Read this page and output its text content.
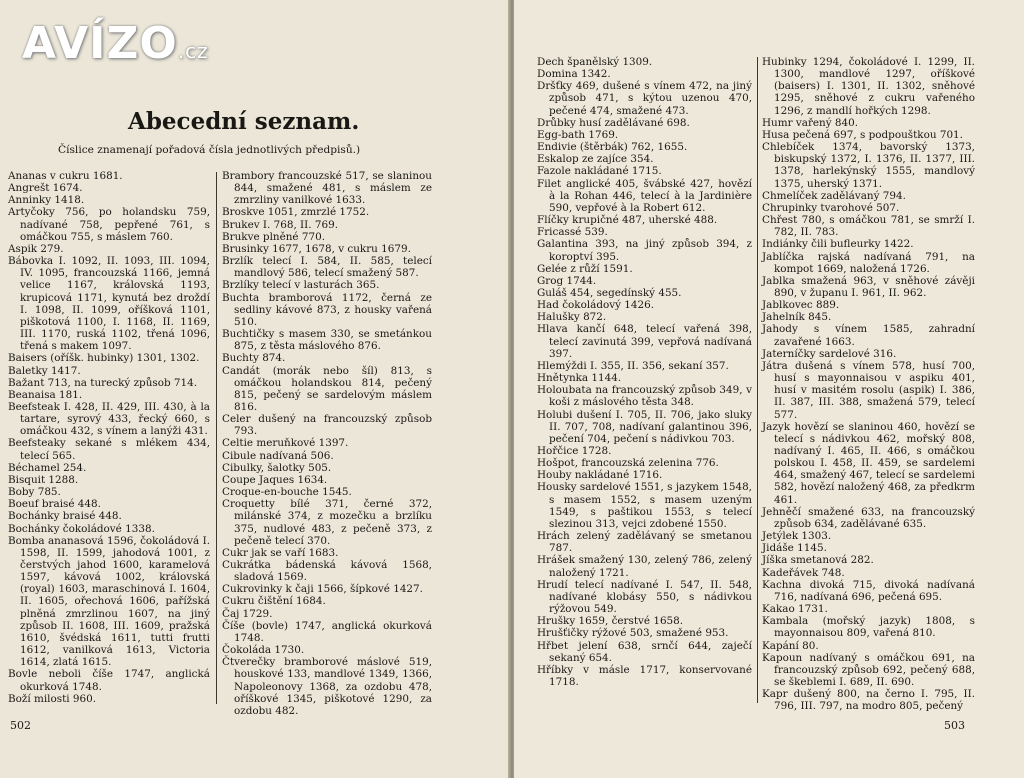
AVÍZO.cz
Abecední seznam.
Číslice znamenají pořadová čísla jednotlivých předpisů.)

Ananas v cukru 1681.

Angrešt 1674.

Anninky 1418.

Artyčoky 756, po holandsku 759, nadívané 758, pepřené 761, s omáčkou 755, s máslem 760.

Aspik 279.

Bábovka I. 1092, II. 1093, III. 1094, IV. 1095, francouzská 1166, jemná velice 1167, královská 1193, krupicová 1171, kynutá bez droždí I. 1098, II. 1099, oříšková 1101, piškotová 1100, I. 1168, II. 1169, III. 1170, ruská 1102, třená 1096, třená s makem 1097.

Baisers (oříšk. hubinky) 1301, 1302.

Baletky 1417.

Bažant 713, na turecký způsob 714.

Beanaisa 181.

Beefsteak I. 428, II. 429, III. 430, à la tartare, syrový 433, řecký 660, s omáčkou 432, s vínem a lanýži 431.

Beefsteaky sekané s mlékem 434, telecí 565.

Béchamel 254.

Bisquit 1288.

Boby 785.

Boeuf braisé 448.

Bochánky braisé 448.

Bochánky čokoládové 1338.

Bomba ananasová 1596, čokoládová I. 1598, II. 1599, jahodová 1001, z čerstvých jahod 1600, karamelová 1597, kávová 1002, královská (royal) 1603, maraschinová I. 1604, II. 1605, ořechová 1606, pařížská plněná zmrzlinou 1607, na jiný způsob II. 1608, III. 1609, pražská 1610, švédská 1611, tutti frutti 1612, vanilková 1613, Victoria 1614, zlatá 1615.

Bovle neboli číše 1747, anglická okurková 1748.

Boží milosti 960.

Brambory francouzské 517, se slaninou 844, smažené 481, s máslem ze zmrzliny vanilkové 1633.

Broskve 1051, zmrzlé 1752.

Brukev I. 768, II. 769.

Brukve plněné 770.

Brusinky 1677, 1678, v cukru 1679.

Brzlík telecí I. 584, II. 585, telecí mandlový 586, telecí smažený 587.

Brzlíky telecí v lasturách 365.

Buchta bramborová 1172, černá ze sedliny kávové 873, z housky vařená 510.

Buchtičky s masem 330, se smetánkou 875, z těsta máslového 876.

Buchty 874.

Candát (morák nebo šíl) 813, s omáčkou holandskou 814, pečený 815, pečený se sardelovým máslem 816.

Celer dušený na francouzský způsob 793.

Celtie meruňkové 1397.

Cibule nadívaná 506.

Cibulky, šalotky 505.

Coupe Jaques 1634.

Croque-en-bouche 1545.

Croquetty bílé 371, černé 372, milánské 374, z mozečku a brzlíku 375, nudlové 483, z pečeně 373, z pečeně telecí 370.

Cukr jak se vaří 1683.

Cukrátka bádenská kávová 1568, sladová 1569.

Cukrovinky k čaji 1566, šípkové 1427.

Cukru čištění 1684.

Čaj 1729.

Číše (bovle) 1747, anglická okurková 1748.

Čokoláda 1730.

Čtverečky bramborové máslové 519, houskové 133, mandlové 1349, 1366, Napoleonovy 1368, za ozdobu 478, oříškové 1345, piškotové 1290, za ozdobu 482.

502

Dech španělský 1309.

Domina 1342.

Dršťky 469, dušené s vínem 472, na jiný způsob 471, s kýtou uzenou 470, pečené 474, smažené 473.

Drůbky husí zadělávané 698.

Egg-bath 1769.

Endivie (štěrbák) 762, 1655.

Eskalop ze zajíce 354.

Fazole nakládané 1715.

Filet anglické 405, švábské 427, hovězí à la Rohan 446, telecí à la Jardinière 590, vepřové à la Robert 612.

Flíčky krupičné 487, uherské 488.

Fricassé 539.

Galantina 393, na jiný způsob 394, z koroptví 395.

Gelée z růží 1591.

Grog 1744.

Guláš 454, segedínský 455.

Had čokoládový 1426.

Halušky 872.

Hlava kančí 648, telecí vařená 398, telecí zavinutá 399, vepřová nadívaná 397.

Hlemýždi I. 355, II. 356, sekaní 357.

Hnětynka 1144.

Holoubata na francouzský způsob 349, v koši z máslového těsta 348.

Holubi dušení I. 705, II. 706, jako sluky II. 707, 708, nadívaní galantinou 396, pečení 704, pečení s nádivkou 703.

Hořčice 1728.

Hošpot, francouzská zelenina 776.

Houby nakládané 1716.

Housky sardelové 1551, s jazykem 1548, s masem 1552, s masem uzeným 1549, s paštikou 1553, s telecí slezinou 313, vejci zdobené 1550.

Hrách zelený zadělávaný se smetanou 787.

Hrášek smažený 130, zelený 786, zelený naložený 1721.

Hrudí telecí nadívané I. 547, II. 548, nadívané klobásy 550, s nádivkou rýžovou 549.

Hrušky 1659, čerstvé 1658.

Hrušťičky rýžové 503, smažené 953.

Hřbet jelení 638, srnčí 644, zaječí sekaný 654.

Hříbky v másle 1717, konservované 1718.

Hubinky 1294, čokoládové I. 1299, II. 1300, mandlové 1297, oříškové (baisers) I. 1301, II. 1302, sněhové 1295, sněhové z cukru vařeného 1296, z mandlí hořkých 1298.

Humr vařený 840.

Husa pečená 697, s podpouštkou 701.

Chlebíček 1374, bavorský 1373, biskupský 1372, I. 1376, II. 1377, III. 1378, harlekýnský 1555, mandlový 1375, uherský 1371.

Chmelíček zadělávaný 794.

Chrupinky tvarohové 507.

Chřest 780, s omáčkou 781, se smrží I. 782, II. 783.

Indiánky čili bufleurky 1422.

Jablíčka rajská nadívaná 791, na kompot 1669, naložená 1726.

Jablka smažená 963, v sněhové závěji 890, v županu I. 961, II. 962.

Jablkovec 889.

Jahelník 845.

Jahody s vínem 1585, zahradní zavařené 1663.

Jaterníčky sardelové 316.

Játra dušená s vínem 578, husí 700, husí s mayonnaisou v aspiku 401, husí v masitém rosolu (aspik) I. 386, II. 387, III. 388, smažená 579, telecí 577.

Jazyk hovězí se slaninou 460, hovězí se telecí s nádivkou 462, mořský 808, nadívaný I. 465, II. 466, s omáčkou polskou I. 458, II. 459, se sardelemi 464, smažený 467, telecí se sardelemi 582, hovězí naložený 468, za předkrm 461.

Jehněčí smažené 633, na francouzský způsob 634, zadělávané 635.

Jetýlek 1303.

Jidáše 1145.

Jíška smetanová 282.

Kadeřávek 748.

Kachna divoká 715, divoká nadívaná 716, nadívaná 696, pečená 695.

Kakao 1731.

Kambala (mořský jazyk) 1808, s mayonnaisou 809, vařená 810.

Kapání 80.

Kapoun nadívaný s omáčkou 691, na francouzský způsob 692, pečený 688, se škeblemi I. 689, II. 690.

Kapr dušený 800, na černo I. 795, II. 796, III. 797, na modro 805, pečený

503
